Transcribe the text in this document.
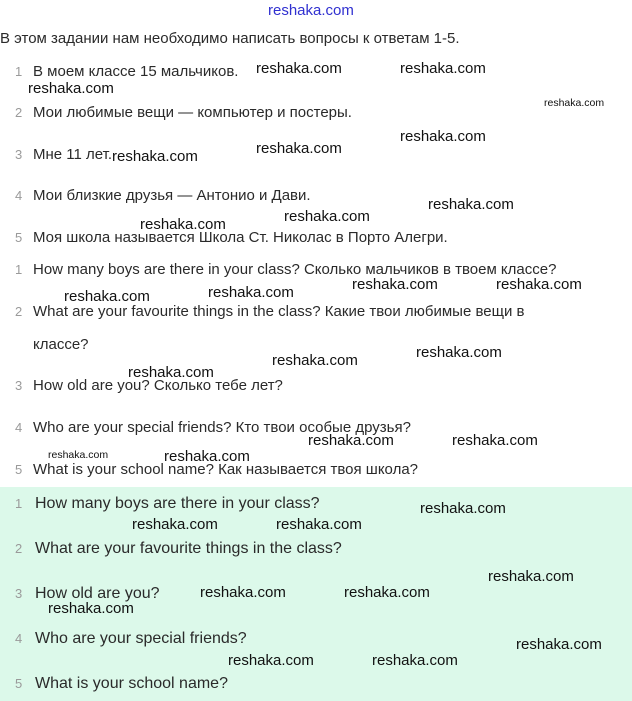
reshaka.com
В этом задании нам необходимо написать вопросы к ответам 1-5.
1 В моем классе 15 мальчиков.
2 Мои любимые вещи — компьютер и постеры.
3 Мне 11 лет.
4 Мои близкие друзья — Антонио и Дави.
5 Моя школа называется Школа Ст. Николас в Порто Алегри.
1 How many boys are there in your class? Сколько мальчиков в твоем классе?
2 What are your favourite things in the class? Какие твои любимые вещи в
классе?
3 How old are you? Сколько тебе лет?
4 Who are your special friends? Кто твои особые друзья?
5 What is your school name? Как называется твоя школа?
1 How many boys are there in your class?
2 What are your favourite things in the class?
3 How old are you?
4 Who are your special friends?
5 What is your school name?
reshaka.com	reshaka.com
reshaka.com
reshaka.com
reshaka.com
reshaka.com
reshaka.com
reshaka.com
reshaka.com
reshaka.com
reshaka.com	reshaka.com
reshaka.com
reshaka.com
reshaka.com
reshaka.com
reshaka.com
reshaka.com	reshaka.com
reshaka.com	reshaka.com
reshaka.com
reshaka.com	reshaka.com
reshaka.com
reshaka.com	reshaka.com
reshaka.com
reshaka.com
reshaka.com	reshaka.com
